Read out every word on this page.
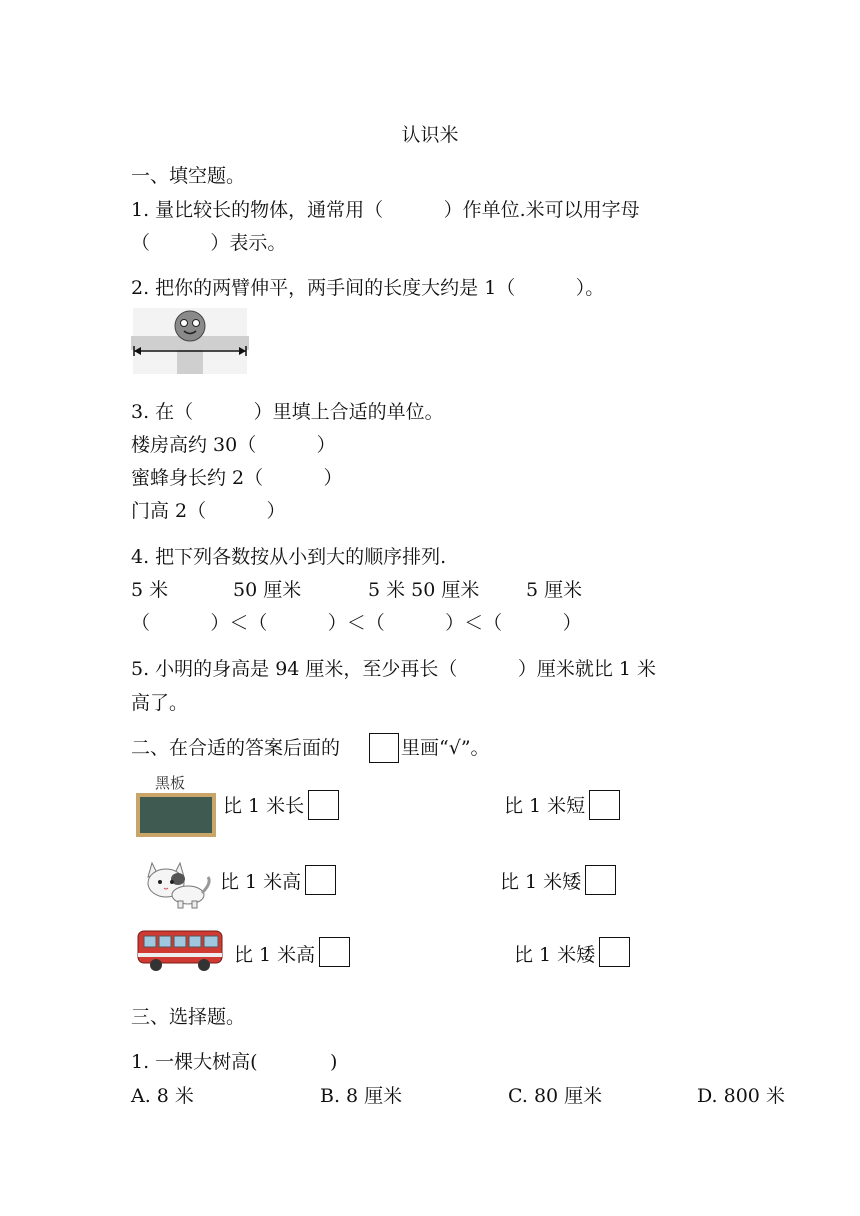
认识米
一、填空题。
1. 量比较长的物体，通常用（          ）作单位.米可以用字母
（          ）表示。
2. 把你的两臂伸平，两手间的长度大约是 1（          ）。
3. 在（          ）里填上合适的单位。
楼房高约 30（          ）
蜜蜂身长约 2（          ）
门高 2（          ）
4. 把下列各数按从小到大的顺序排列.
5 米	50 厘米	5 米 50 厘米 5 厘米
（          ）＜（          ）＜（          ）＜（          ）
5. 小明的身高是 94 厘米，至少再长（          ）厘米就比 1 米
高了。
二、在合适的答案后面的	里画“√”。
黑板
比 1 米长	比 1 米短
比 1 米高	比 1 米矮
比 1 米高	比 1 米矮
三、选择题。
1. 一棵大树高(            )
A. 8 米	B. 8 厘米	C. 80 厘米	D. 800 米
